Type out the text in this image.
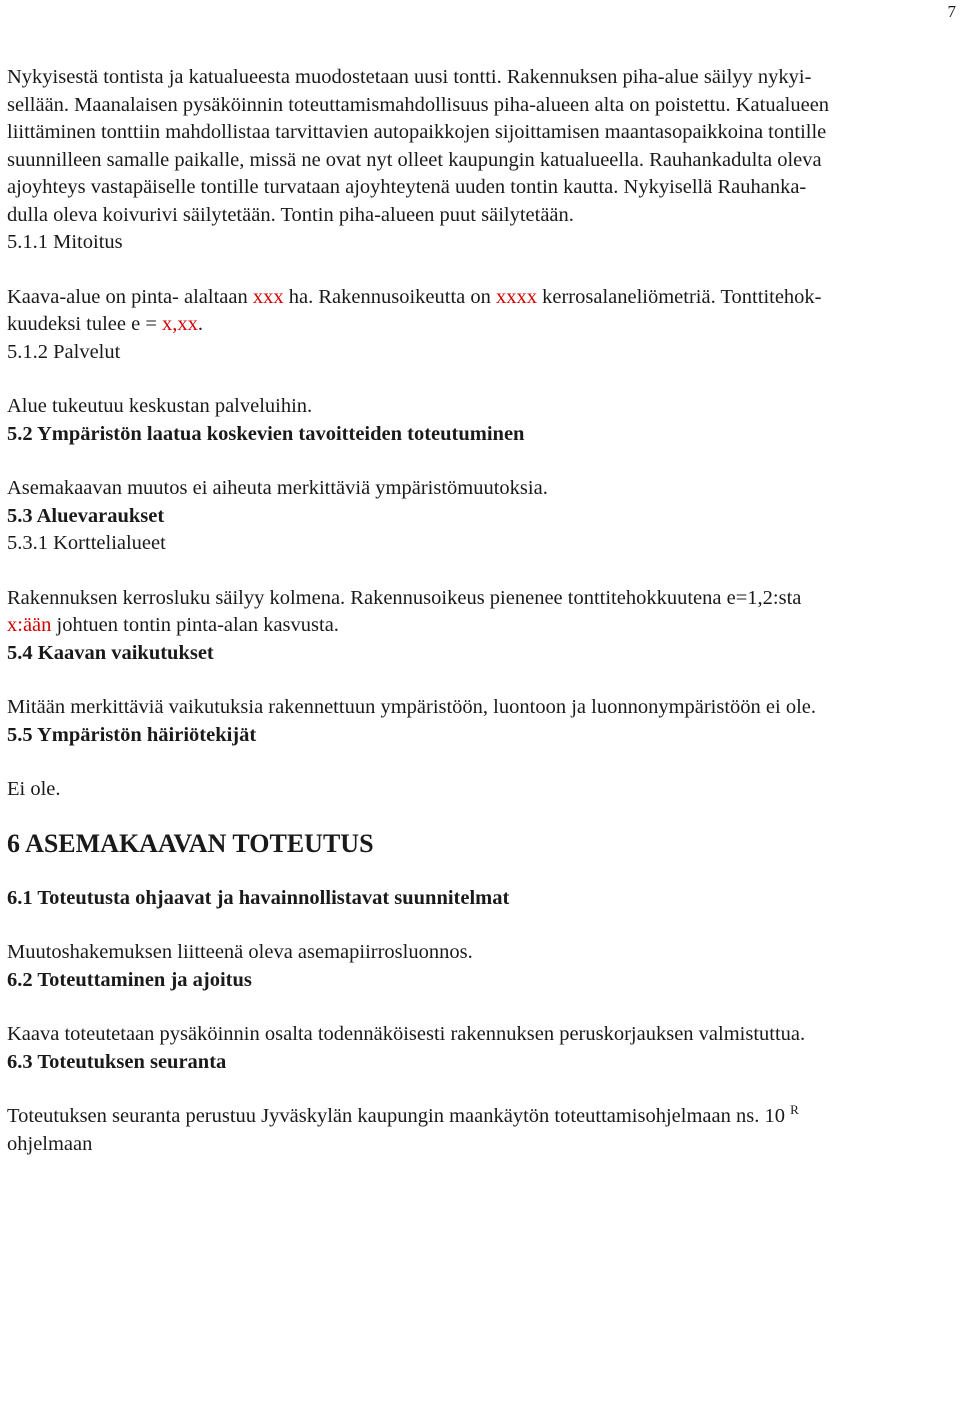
7

Nykyisestä tontista ja katualueesta muodostetaan uusi tontti. Rakennuksen piha-alue säilyy nykyi-

sellään. Maanalaisen pysäköinnin toteuttamismahdollisuus piha-alueen alta on poistettu. Katualueen

liittäminen tonttiin mahdollistaa tarvittavien autopaikkojen sijoittamisen maantasopaikkoina tontille

suunnilleen samalle paikalle, missä ne ovat nyt olleet kaupungin katualueella. Rauhankadulta oleva

ajoyhteys vastapäiselle tontille turvataan ajoyhteytenä uuden tontin kautta. Nykyisellä Rauhanka-

dulla oleva koivurivi säilytetään. Tontin piha-alueen puut säilytetään.

5.1.1 Mitoitus

Kaava-alue on pinta- alaltaan xxx ha. Rakennusoikeutta on xxxx kerrosalaneliömetriä. Tonttitehok-

kuudeksi tulee e = x,xx.

5.1.2 Palvelut

Alue tukeutuu keskustan palveluihin.

5.2 Ympäristön laatua koskevien tavoitteiden toteutuminen

Asemakaavan muutos ei aiheuta merkittäviä ympäristömuutoksia.

5.3 Aluevaraukset
5.3.1 Korttelialueet

Rakennuksen kerrosluku säilyy kolmena. Rakennusoikeus pienenee tonttitehokkuutena e=1,2:sta

x:ään johtuen tontin pinta-alan kasvusta.

5.4 Kaavan vaikutukset

Mitään merkittäviä vaikutuksia rakennettuun ympäristöön, luontoon ja luonnonympäristöön ei ole.

5.5 Ympäristön häiriötekijät

Ei ole.

6 ASEMAKAAVAN TOTEUTUS
6.1 Toteutusta ohjaavat ja havainnollistavat suunnitelmat

Muutoshakemuksen liitteenä oleva asemapiirrosluonnos.

6.2 Toteuttaminen ja ajoitus

Kaava toteutetaan pysäköinnin osalta todennäköisesti rakennuksen peruskorjauksen valmistuttua.

6.3 Toteutuksen seuranta

Toteutuksen seuranta perustuu Jyväskylän kaupungin maankäytön toteuttamisohjelmaan ns. 10 $^R$

ohjelmaan
